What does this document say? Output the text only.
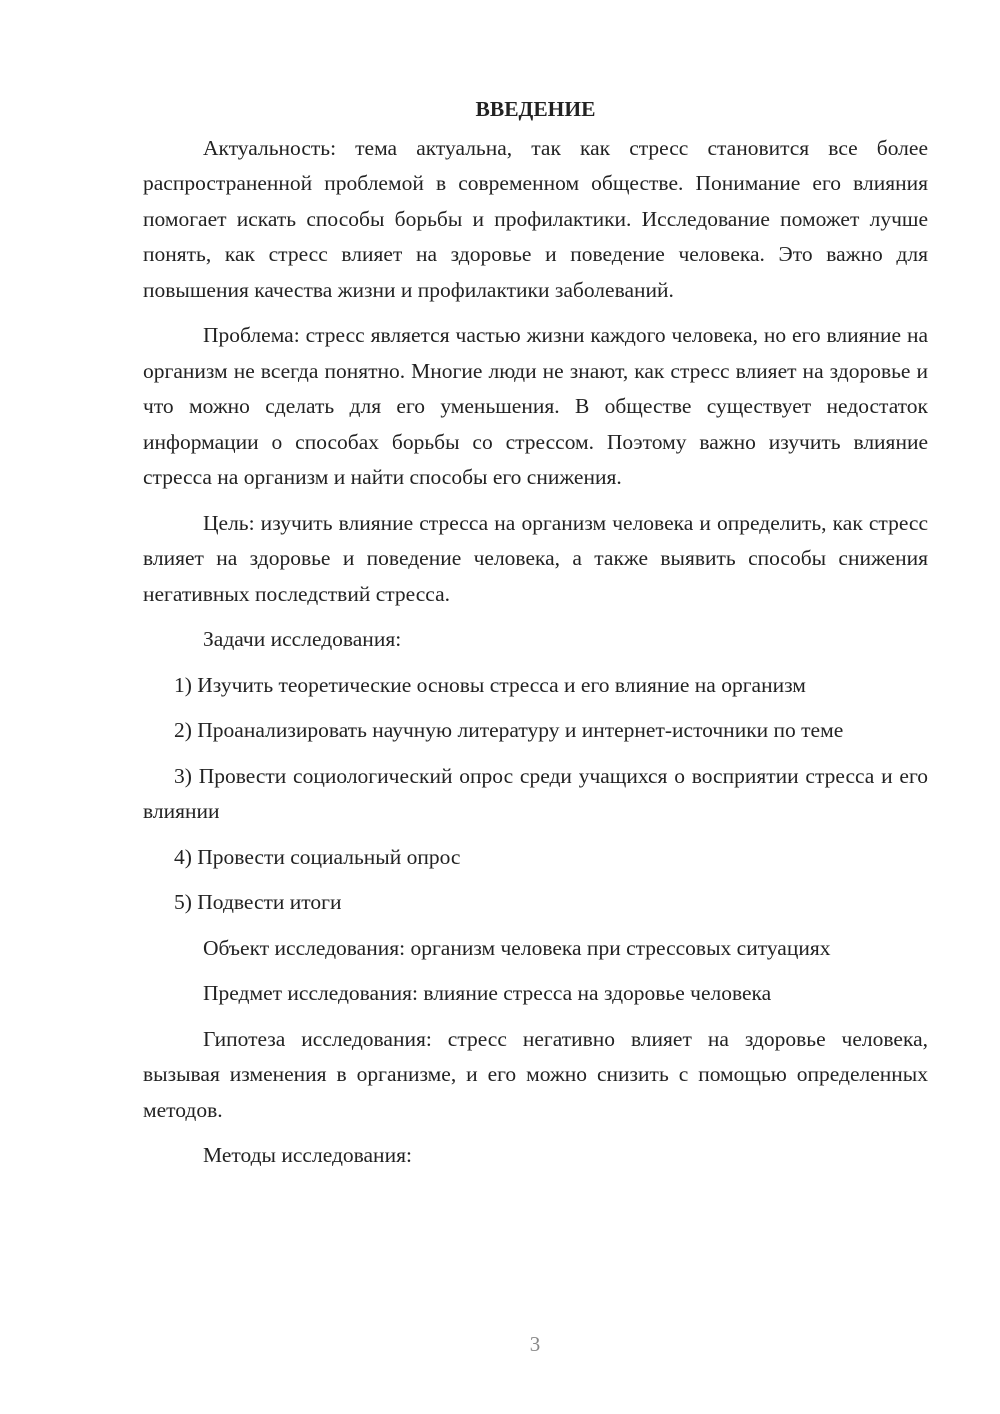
ВВЕДЕНИЕ

Актуальность: тема актуальна, так как стресс становится все более распространенной проблемой в современном обществе. Понимание его влияния помогает искать способы борьбы и профилактики. Исследование поможет лучше понять, как стресс влияет на здоровье и поведение человека. Это важно для повышения качества жизни и профилактики заболеваний.

Проблема: стресс является частью жизни каждого человека, но его влияние на организм не всегда понятно. Многие люди не знают, как стресс влияет на здоровье и что можно сделать для его уменьшения. В обществе существует недостаток информации о способах борьбы со стрессом. Поэтому важно изучить влияние стресса на организм и найти способы его снижения.

Цель: изучить влияние стресса на организм человека и определить, как стресс влияет на здоровье и поведение человека, а также выявить способы снижения негативных последствий стресса.

Задачи исследования:

1) Изучить теоретические основы стресса и его влияние на организм

2) Проанализировать научную литературу и интернет-источники по теме

3) Провести социологический опрос среди учащихся о восприятии стресса и его влиянии

4) Провести социальный опрос

5) Подвести итоги

Объект исследования: организм человека при стрессовых ситуациях

Предмет исследования: влияние стресса на здоровье человека

Гипотеза исследования: стресс негативно влияет на здоровье человека, вызывая изменения в организме, и его можно снизить с помощью определенных методов.

Методы исследования:

3
